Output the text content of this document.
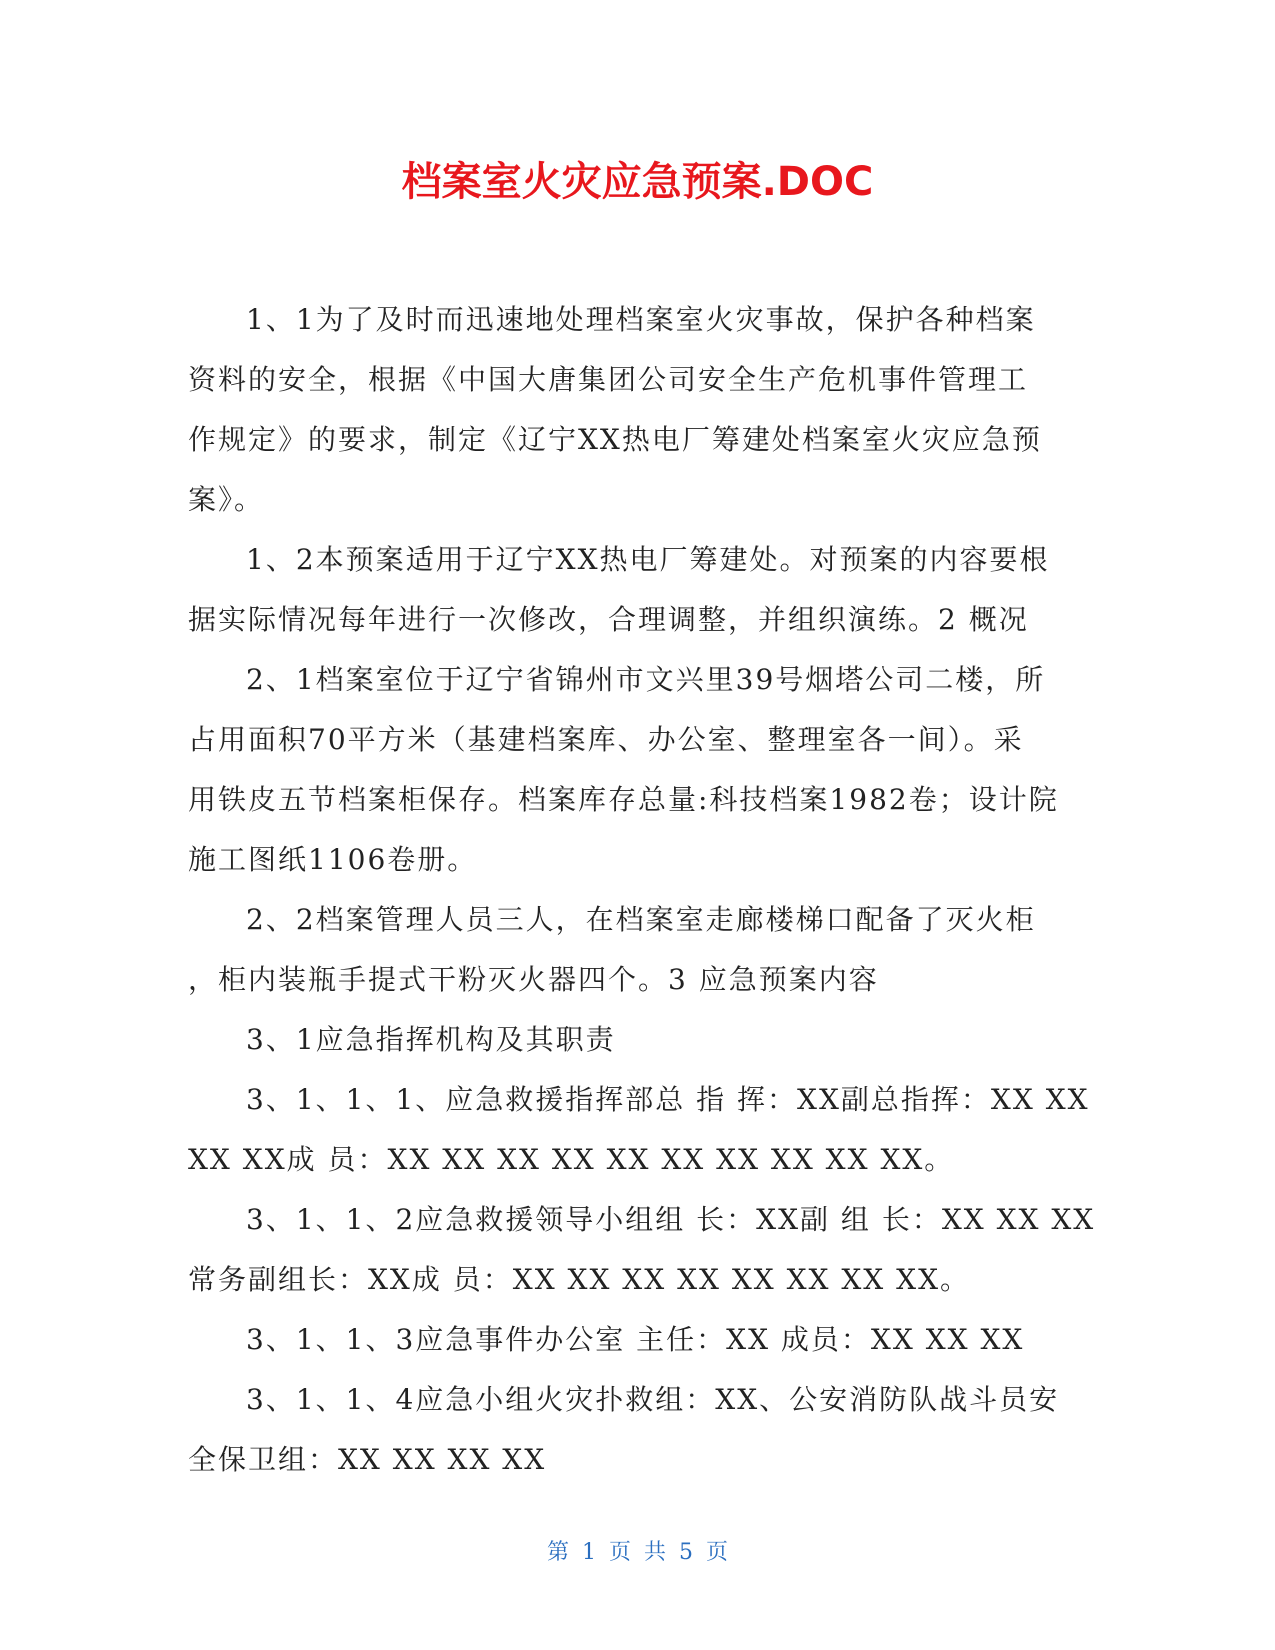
档案室火灾应急预案.DOC
1、1为了及时而迅速地处理档案室火灾事故，保护各种档案
资料的安全，根据《中国大唐集团公司安全生产危机事件管理工
作规定》的要求，制定《辽宁XX热电厂筹建处档案室火灾应急预
案》。
1、2本预案适用于辽宁XX热电厂筹建处。对预案的内容要根
据实际情况每年进行一次修改，合理调整，并组织演练。2 概况
2、1档案室位于辽宁省锦州市文兴里39号烟塔公司二楼，所
占用面积70平方米（基建档案库、办公室、整理室各一间）。采
用铁皮五节档案柜保存。档案库存总量:科技档案1982卷；设计院
施工图纸1106卷册。
2、2档案管理人员三人，在档案室走廊楼梯口配备了灭火柜
，柜内装瓶手提式干粉灭火器四个。3 应急预案内容
3、1应急指挥机构及其职责
3、1、1、1、应急救援指挥部总 指 挥：XX副总指挥：XX XX
XX XX成 员：XX XX XX XX XX XX XX XX XX XX。
3、1、1、2应急救援领导小组组 长：XX副 组 长：XX XX XX
常务副组长：XX成 员：XX XX XX XX XX XX XX XX。
3、1、1、3应急事件办公室 主任：XX 成员：XX XX XX
3、1、1、4应急小组火灾扑救组：XX、公安消防队战斗员安
全保卫组：XX XX XX XX
第 1 页 共 5 页
